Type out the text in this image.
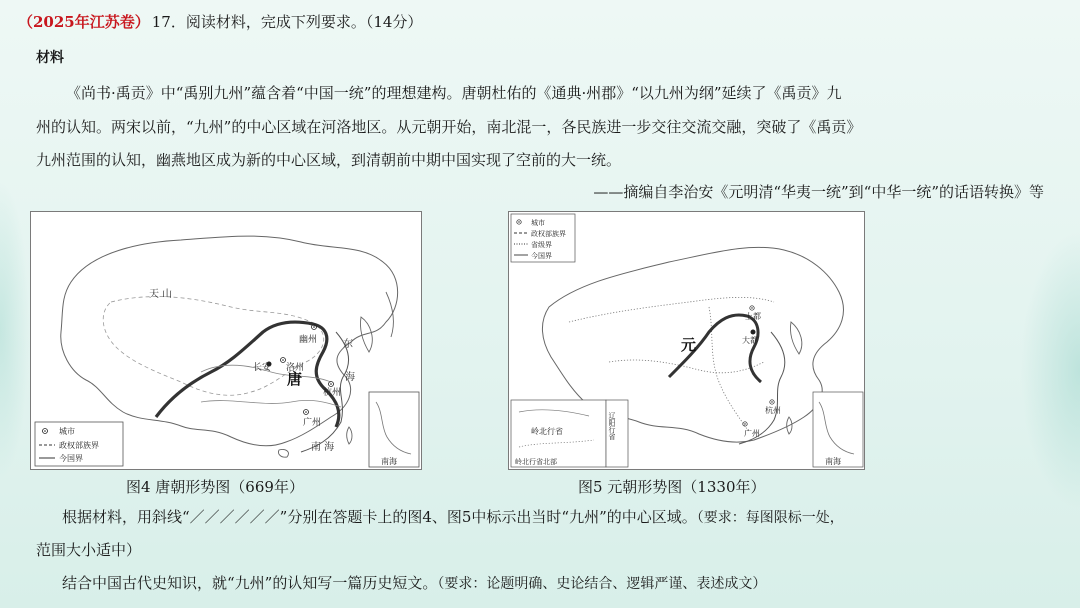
（2025年江苏卷） 17．阅读材料，完成下列要求。（14分）
材料
《尚书·禹贡》中“禹别九州”蕴含着“中国一统”的理想建构。唐朝杜佑的《通典·州郡》“以九州为纲”延续了《禹贡》九
州的认知。两宋以前，“九州”的中心区域在河洛地区。从元朝开始，南北混一，各民族进一步交往交流交融，突破了《禹贡》
九州范围的认知，幽燕地区成为新的中心区域，到清朝前中期中国实现了空前的大一统。
——摘编自李治安《元明清“华夷一统”到“中华一统”的话语转换》等
天 山
幽州
洛州
长安
唐
杭州
广州
东
海
南 海
城市
政权部族界
今国界	南海
城市
政权部族界
省级界
今国界
元
上都
大都
杭州
广州
岭北行省
岭北行省北部
辽阳行省
南海
图4 唐朝形势图（669年）	图5 元朝形势图（1330年）
根据材料，用斜线“／／／／／／”分别在答题卡上的图4、图5中标示出当时“九州”的中心区域。（要求：每图限标一处，
范围大小适中）
结合中国古代史知识，就“九州”的认知写一篇历史短文。（要求：论题明确、史论结合、逻辑严谨、表述成文）
